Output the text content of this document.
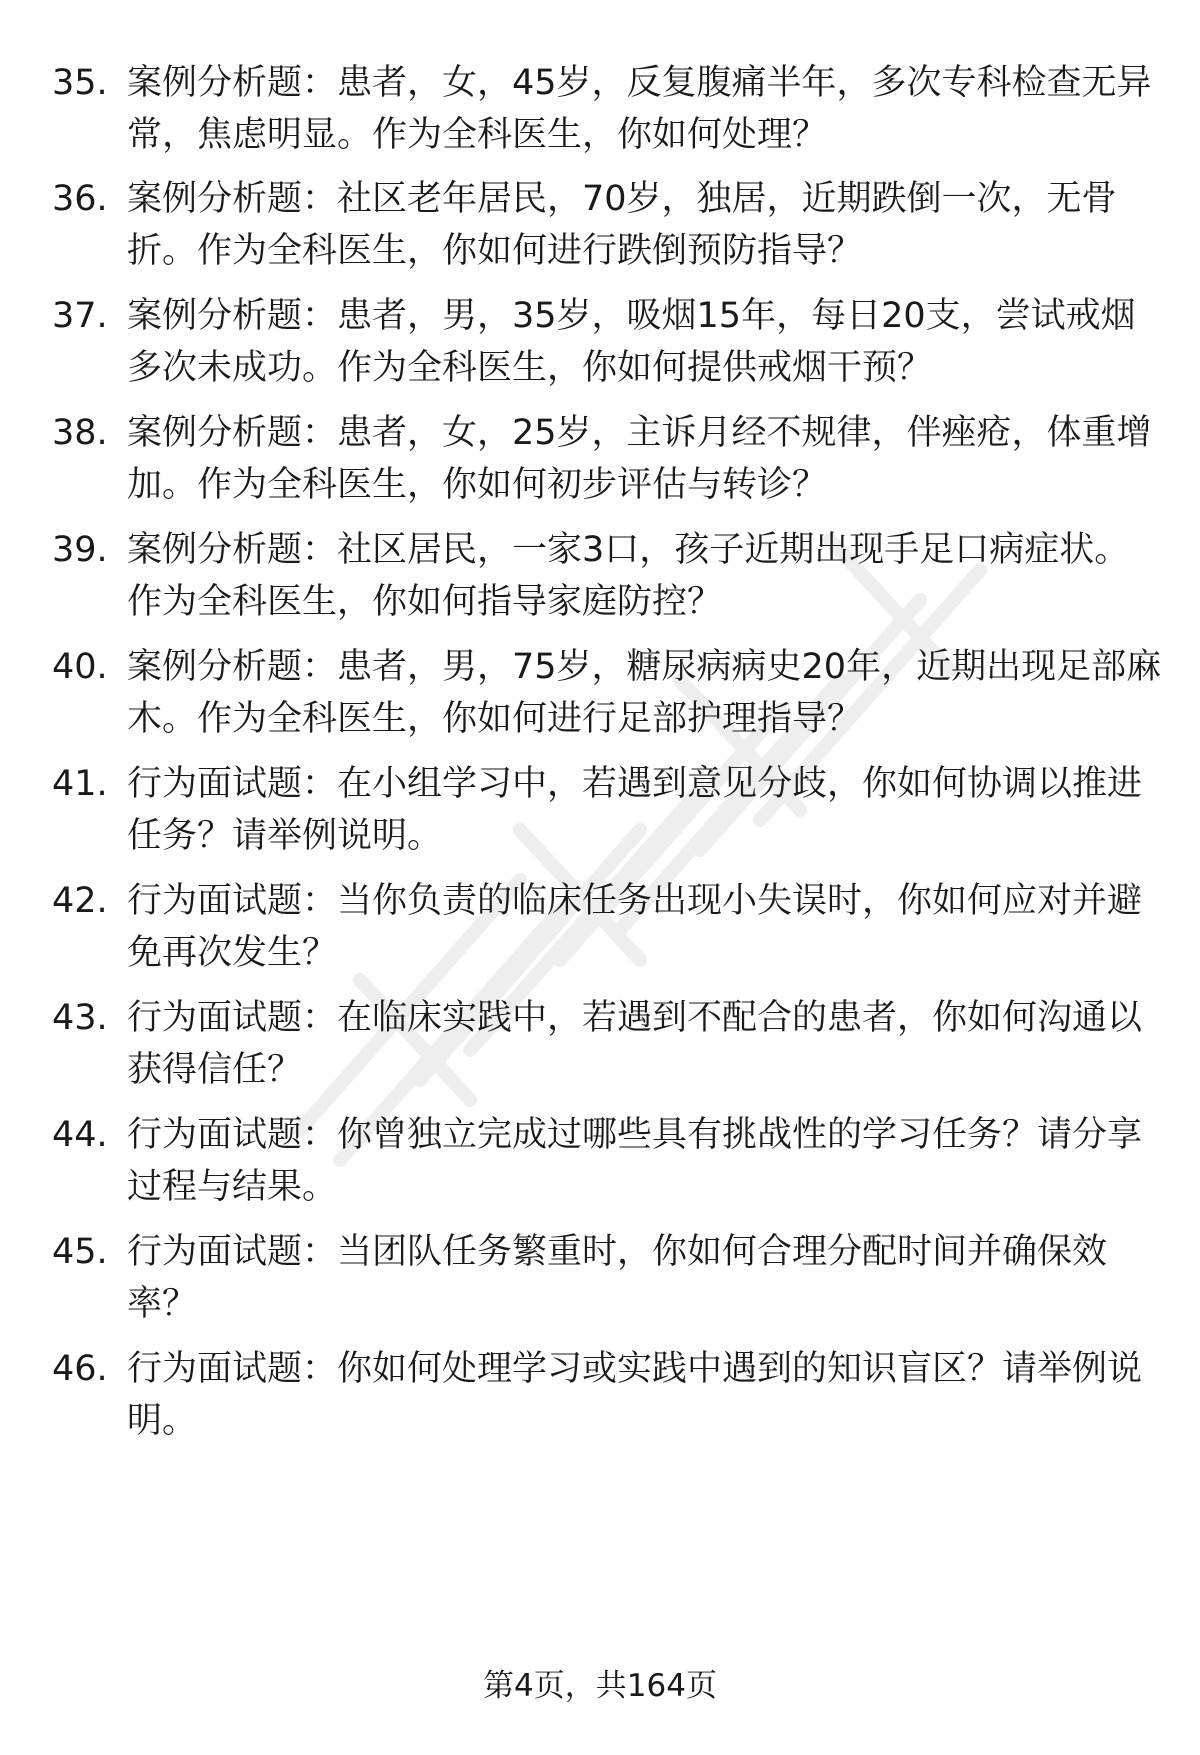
35. 案例分析题：患者，女，45岁，反复腹痛半年，多次专科检查无异常，焦虑明显。作为全科医生，你如何处理？
36. 案例分析题：社区老年居民，70岁，独居，近期跌倒一次，无骨折。作为全科医生，你如何进行跌倒预防指导？
37. 案例分析题：患者，男，35岁，吸烟15年，每日20支，尝试戒烟多次未成功。作为全科医生，你如何提供戒烟干预？
38. 案例分析题：患者，女，25岁，主诉月经不规律，伴痤疮，体重增加。作为全科医生，你如何初步评估与转诊？
39. 案例分析题：社区居民，一家3口，孩子近期出现手足口病症状。作为全科医生，你如何指导家庭防控？
40. 案例分析题：患者，男，75岁，糖尿病病史20年，近期出现足部麻木。作为全科医生，你如何进行足部护理指导？
41. 行为面试题：在小组学习中，若遇到意见分歧，你如何协调以推进任务？请举例说明。
42. 行为面试题：当你负责的临床任务出现小失误时，你如何应对并避免再次发生？
43. 行为面试题：在临床实践中，若遇到不配合的患者，你如何沟通以获得信任？
44. 行为面试题：你曾独立完成过哪些具有挑战性的学习任务？请分享过程与结果。
45. 行为面试题：当团队任务繁重时，你如何合理分配时间并确保效率？
46. 行为面试题：你如何处理学习或实践中遇到的知识盲区？请举例说明。
第4页，共164页
